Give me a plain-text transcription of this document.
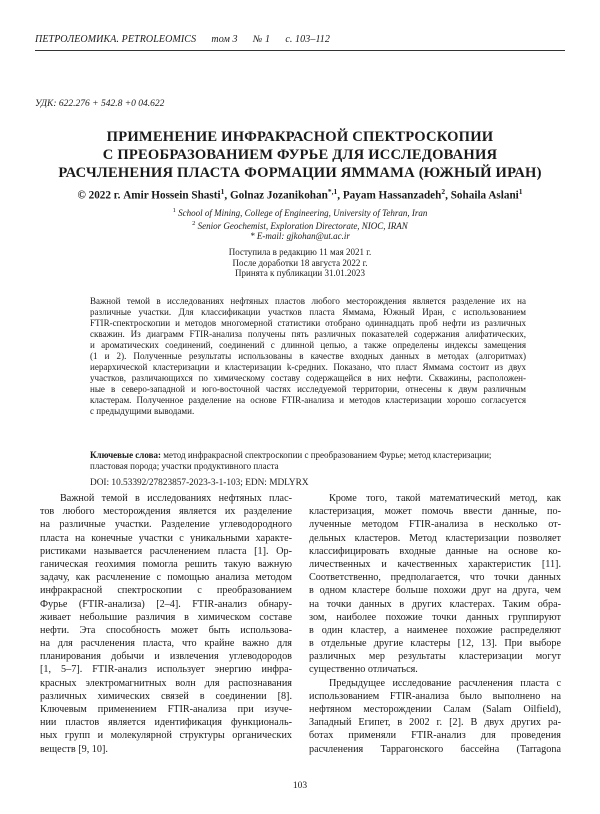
ПЕТРОЛЕОМИКА. PETROLEOMICS том 3 № 1 с. 103–112
УДК: 622.276 + 542.8 +0 04.622
ПРИМЕНЕНИЕ ИНФРАКРАСНОЙ СПЕКТРОСКОПИИ
С ПРЕОБРАЗОВАНИЕМ ФУРЬЕ ДЛЯ ИССЛЕДОВАНИЯ
РАСЧЛЕНЕНИЯ ПЛАСТА ФОРМАЦИИ ЯММАМА (ЮЖНЫЙ ИРАН)
© 2022 г. Amir Hossein Shasti$^1$, Golnaz Jozanikohan$^{*,1}$, Payam Hassanzadeh$^2$, Sohaila Aslani$^1$
$^1$ School of Mining, College of Engineering, University of Tehran, Iran
$^2$ Senior Geochemist, Exploration Directorate, NIOC, IRAN
* E-mail: gjkohan@ut.ac.ir
Поступила в редакцию 11 мая 2021 г.
После доработки 18 августа 2022 г.
Принята к публикации 31.01.2023
Важной темой в исследованиях нефтяных пластов любого месторождения является разделение их на
различные участки. Для классификации участков пласта Яммама, Южный Иран, с использованием
FTIR-спектроскопии и методов многомерной статистики отобрано одиннадцать проб нефти из различных
скважин. Из диаграмм FTIR-анализа получены пять различных показателей содержания алифатических,
и ароматических соединений, соединений с длинной цепью, а также определены индексы замещения
(1 и 2). Полученные результаты использованы в качестве входных данных в методах (алгоритмах)
иерархической кластеризации и кластеризации k-средних. Показано, что пласт Яммама состоит из двух
участков, различающихся по химическому составу содержащейся в них нефти. Скважины, расположен-
ные в северо-западной и юго-восточной частях исследуемой территории, отнесены к двум различным
кластерам. Полученное разделение на основе FTIR-анализа и методов кластеризации хорошо согласуется
с предыдущими выводами.
Ключевые слова: метод инфракрасной спектроскопии с преобразованием Фурье; метод кластеризации;
пластовая порода; участки продуктивного пласта
DOI: 10.53392/27823857-2023-3-1-103; EDN: MDLYRX
Важной темой в исследованиях нефтяных плас-
тов любого месторождения является их разделение
на различные участки. Разделение углеводородного
пласта на конечные участки с уникальными характе-
ристиками называется расчленением пласта [1]. Ор-
ганическая геохимия помогла решить такую важную
задачу, как расчленение с помощью анализа методом
инфракрасной спектроскопии с преобразованием
Фурье (FTIR-анализа) [2–4]. FTIR-анализ обнару-
живает небольшие различия в химическом составе
нефти. Эта способность может быть использова-
на для расчленения пласта, что крайне важно для
планирования добычи и извлечения углеводородов
[1, 5–7]. FTIR-анализ использует энергию инфра-
красных электромагнитных волн для распознавания
различных химических связей в соединении [8].
Ключевым применением FTIR-анализа при изуче-
нии пластов является идентификация функциональ-
ных групп и молекулярной структуры органических
веществ [9, 10].
Кроме того, такой математический метод, как
кластеризация, может помочь ввести данные, по-
лученные методом FTIR-анализа в несколько от-
дельных кластеров. Метод кластеризации позволяет
классифицировать входные данные на основе ко-
личественных и качественных характеристик [11].
Соответственно, предполагается, что точки данных
в одном кластере больше похожи друг на друга, чем
на точки данных в других кластерах. Таким обра-
зом, наиболее похожие точки данных группируют
в один кластер, а наименее похожие распределяют
в отдельные другие кластеры [12, 13]. При выборе
различных мер результаты кластеризации могут
существенно отличаться.
Предыдущее исследование расчленения пласта с
использованием FTIR-анализа было выполнено на
нефтяном месторождении Салам (Salam Oilfield),
Западный Египет, в 2002 г. [2]. В двух других ра-
ботах применяли FTIR-анализ для проведения
расчленения Таррагонского бассейна (Tarragona
103
